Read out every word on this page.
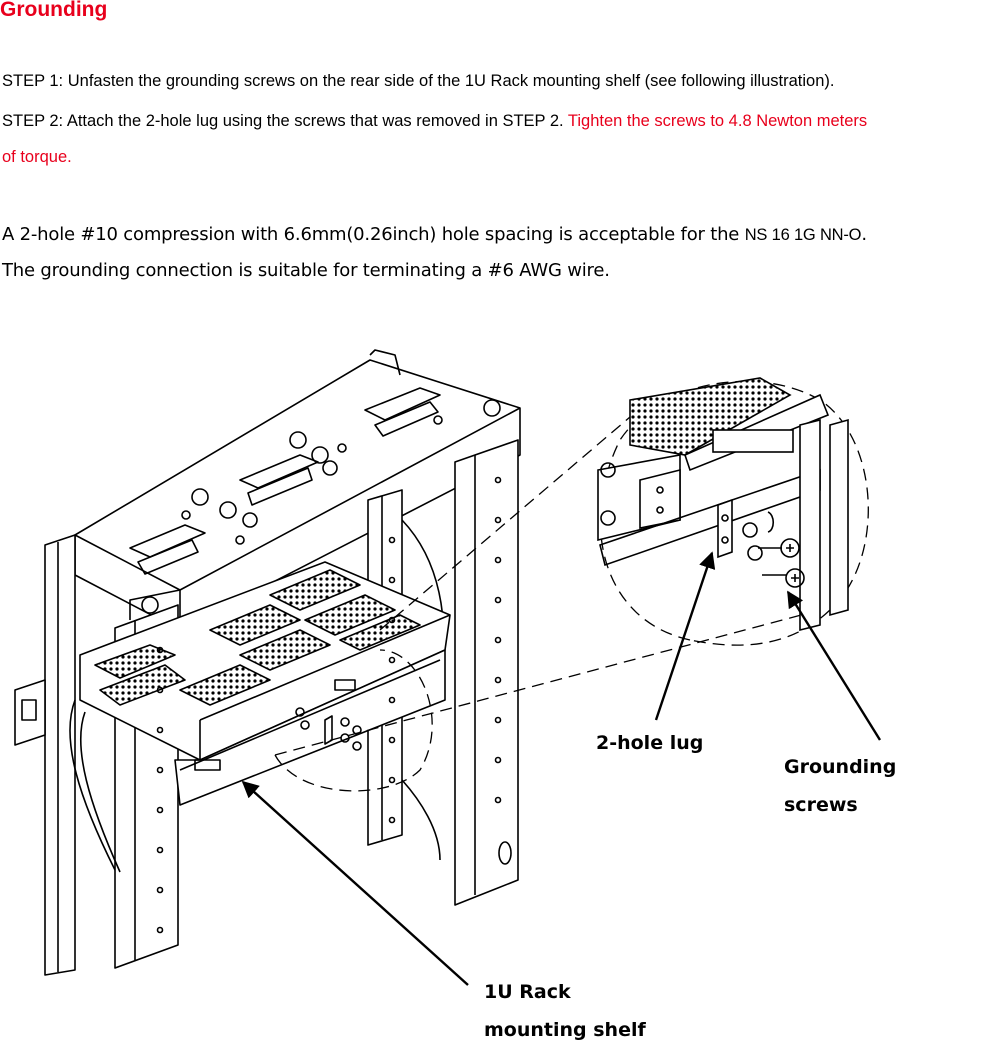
Grounding
STEP 1: Unfasten the grounding screws on the rear side of the 1U Rack mounting shelf (see following illustration).
STEP 2: Attach the 2-hole lug using the screws that was removed in STEP 2. Tighten the screws to 4.8 Newton meters
of torque.
A 2-hole #10 compression with 6.6mm(0.26inch) hole spacing is acceptable for the NS 16 1G NN-O.
The grounding connection is suitable for terminating a #6 AWG wire.
2-hole lug
Grounding
screws
1U Rack
mounting shelf
